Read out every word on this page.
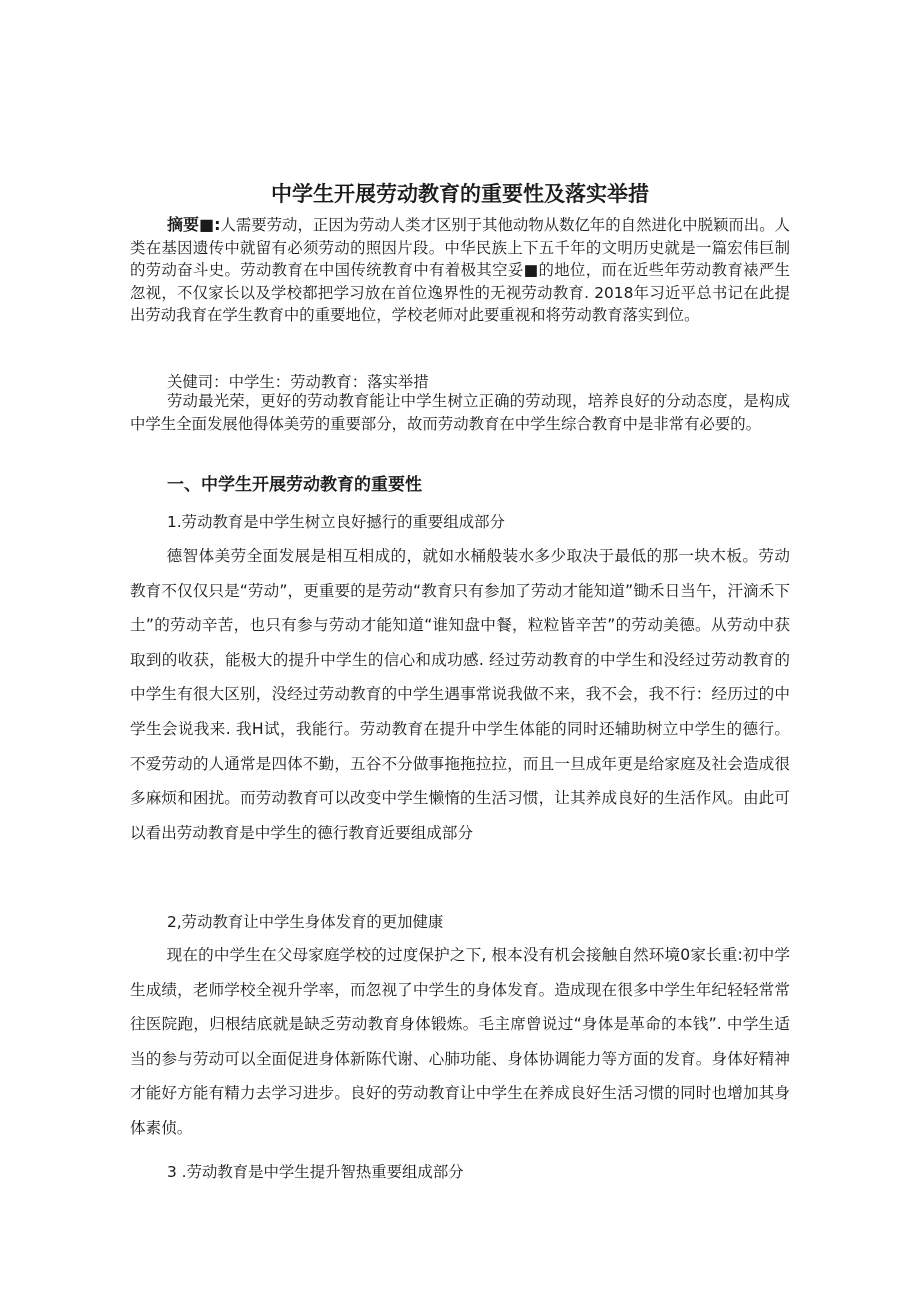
中学生开展劳动教育的重要性及落实举措
摘要■:人需要劳动，正因为劳动人类才区别于其他动物从数亿年的自然进化中脱颖而出。人类在基因遗传中就留有必须劳动的照因片段。中华民族上下五千年的文明历史就是一篇宏伟巨制的劳动奋斗史。劳动教育在中国传统教育中有着极其空妥■的地位，而在近些年劳动教育裱严生忽视，不仅家长以及学校都把学习放在首位逸界性的无视劳动教育. 2018年习近平总书记在此提出劳动我育在学生教育中的重要地位，学校老师对此要重视和将劳动教育落实到位。
关健司：中学生：劳动教育：落实举措
劳动最光荣，更好的劳动教育能让中学生树立正确的劳动现，培养良好的分动态度，是构成中学生全面发展他得体美劳的重要部分，故而劳动教育在中学生综合教育中是非常有必要的。
一、中学生开展劳动教育的重要性
1.劳动教育是中学生树立良好撼行的重要组成部分
德智体美劳全面发展是相互相成的，就如水桶般装水多少取决于最低的那一块木板。劳动教育不仅仅只是“劳动”，更重要的是劳动“教育只有参加了劳动才能知道”锄禾日当午，汗滴禾下土”的劳动辛苦，也只有参与劳动才能知道“谁知盘中餐，粒粒皆辛苦”的劳动美德。从劳动中获取到的收获，能极大的提升中学生的信心和成功感. 经过劳动教育的中学生和没经过劳动教育的中学生有很大区别，没经过劳动教育的中学生遇事常说我做不来，我不会，我不行：经历过的中学生会说我来. 我H试，我能行。劳动教育在提升中学生体能的同时还辅助树立中学生的德行。不爱劳动的人通常是四体不勤，五谷不分做事拖拖拉拉，而且一旦成年更是给家庭及社会造成很多麻烦和困扰。而劳动教育可以改变中学生懒惰的生活习惯，让其养成良好的生活作风。由此可以看出劳动教育是中学生的德行教育近要组成部分
2,劳动教育让中学生身体发育的更加健康
现在的中学生在父母家庭学校的过度保护之下, 根本没有机会接触自然环境0家长重:初中学生成绩，老师学校全视升学率，而忽视了中学生的身体发育。造成现在很多中学生年纪轻轻常常往医院跑，归根结底就是缺乏劳动教育身体锻炼。毛主席曾说过“身体是革命的本钱”. 中学生适当的参与劳动可以全面促进身体新陈代谢、心肺功能、身体协调能力等方面的发育。身体好精神才能好方能有精力去学习进步。良好的劳动教育让中学生在养成良好生活习惯的同时也增加其身体素侦。
3 .劳动教育是中学生提升智热重要组成部分
